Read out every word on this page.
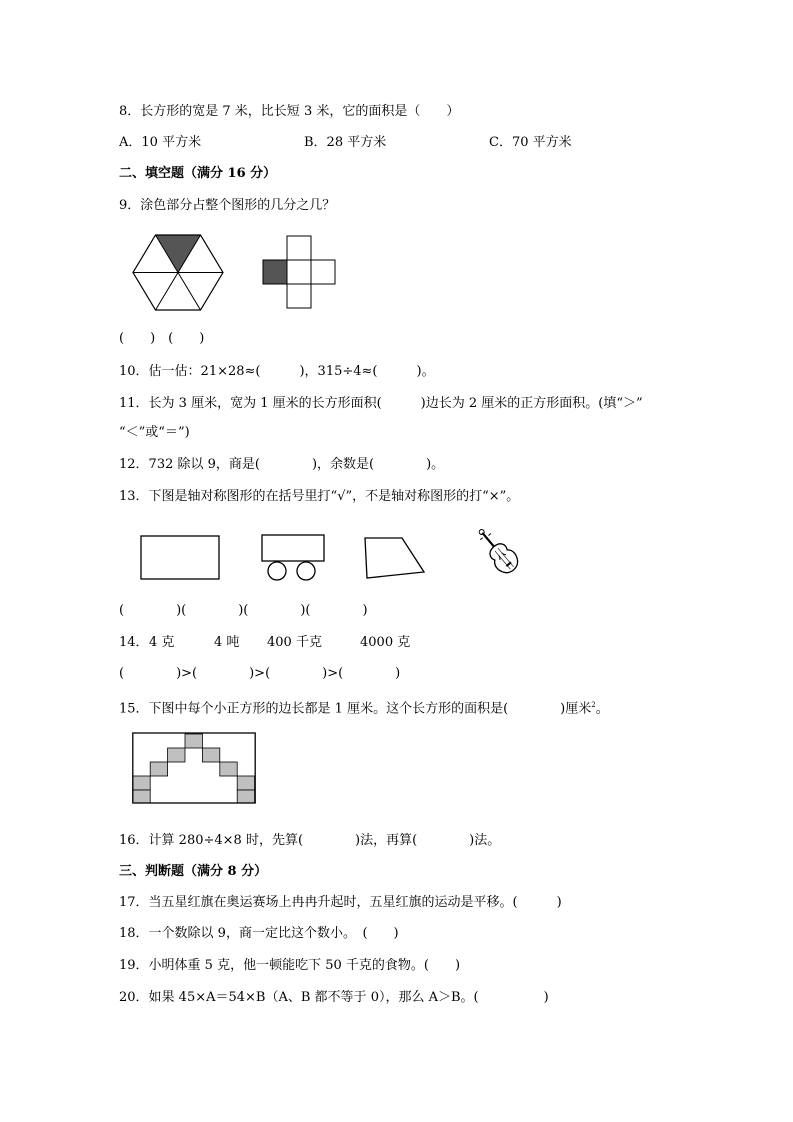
8．长方形的宽是 7 米，比长短 3 米，它的面积是（　　）
A．10 平方米	B．28 平方米	C．70 平方米
二、填空题（满分 16 分）
9．涂色部分占整个图形的几分之几？
(　　)　(　　)
10．估一估：21×28≈(　　　)，315÷4≈(　　　)。
11．长为 3 厘米，宽为 1 厘米的长方形面积(　　　)边长为 2 厘米的正方形面积。(填“＞”
“＜”或“＝”)
12．732 除以 9，商是(　　　　)，余数是(　　　　)。
13．下图是轴对称图形的在括号里打“√”，不是轴对称图形的打“×”。
(　　　　)(　　　　)(　　　　)(　　　　)
14． 4 克	4 吨 400 千克	4000 克
(　　　　)>(　　　　)>(　　　　)>(　　　　)
15．下图中每个小正方形的边长都是 1 厘米。这个长方形的面积是(　　　　)厘米$^2$。
16．计算 280÷4×8 时，先算(　　　　)法，再算(　　　　)法。
三、判断题（满分 8 分）
17．当五星红旗在奥运赛场上冉冉升起时，五星红旗的运动是平移。(　　　)
18．一个数除以 9，商一定比这个数小。　(　　)
19．小明体重 5 克，他一顿能吃下 50 千克的食物。(　　)
20．如果 45×A＝54×B（A、B 都不等于 0），那么 A＞B。(　　　　　)
